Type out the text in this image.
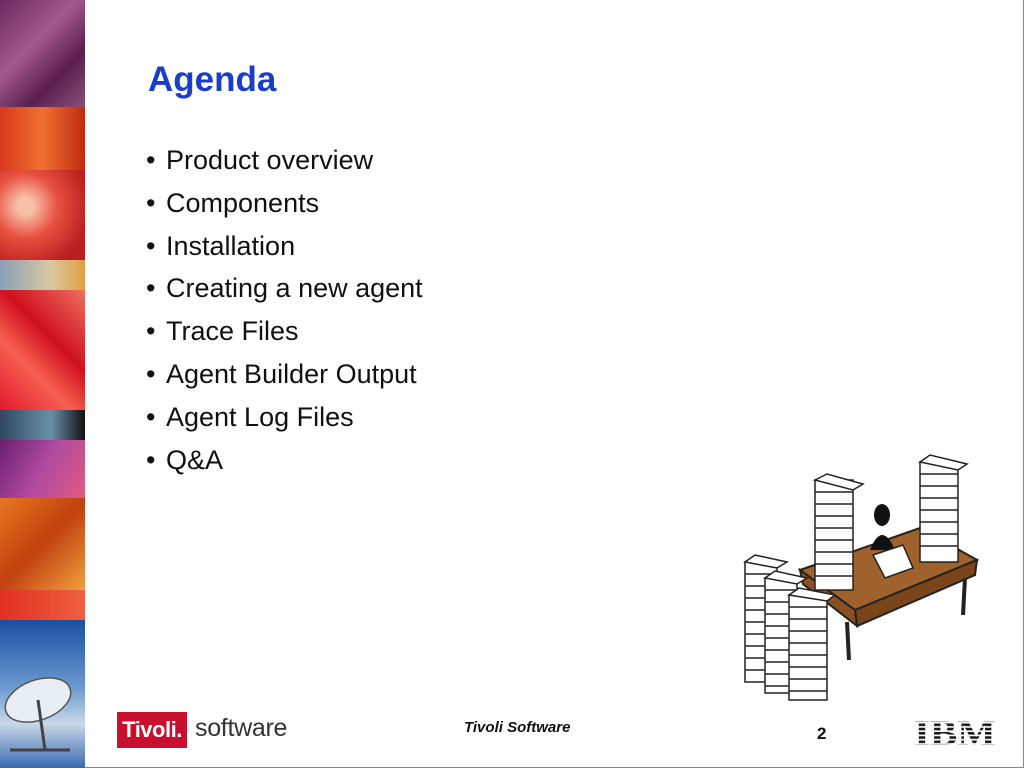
Agenda
• Product overview
• Components
• Installation
• Creating a new agent
• Trace Files
• Agent Builder Output
• Agent Log Files
• Q&A
Tivoli. software	Tivoli Software	2
